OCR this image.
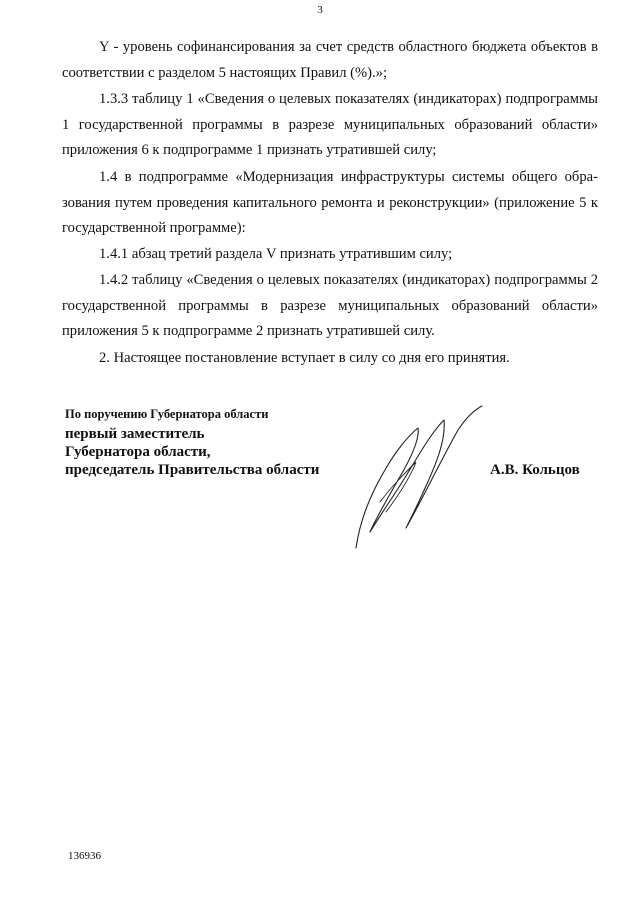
3
Y - уровень софинансирования за счет средств областного бюджета объектов в соответствии с разделом 5 настоящих Правил (%).»;
1.3.3 таблицу 1 «Сведения о целевых показателях (индикаторах) подпрограммы 1 государственной программы в разрезе муниципальных образований области» приложения 6 к подпрограмме 1 признать утратившей силу;
1.4 в подпрограмме «Модернизация инфраструктуры системы общего образования путем проведения капитального ремонта и реконструкции» (приложение 5 к государственной программе):
1.4.1 абзац третий раздела V признать утратившим силу;
1.4.2 таблицу «Сведения о целевых показателях (индикаторах) подпрограммы 2 государственной программы в разрезе муниципальных образований области» приложения 5 к подпрограмме 2 признать утратившей силу.
2. Настоящее постановление вступает в силу со дня его принятия.
По поручению Губернатора области
первый заместитель
Губернатора области,
председатель Правительства области	А.В. Кольцов
136936
